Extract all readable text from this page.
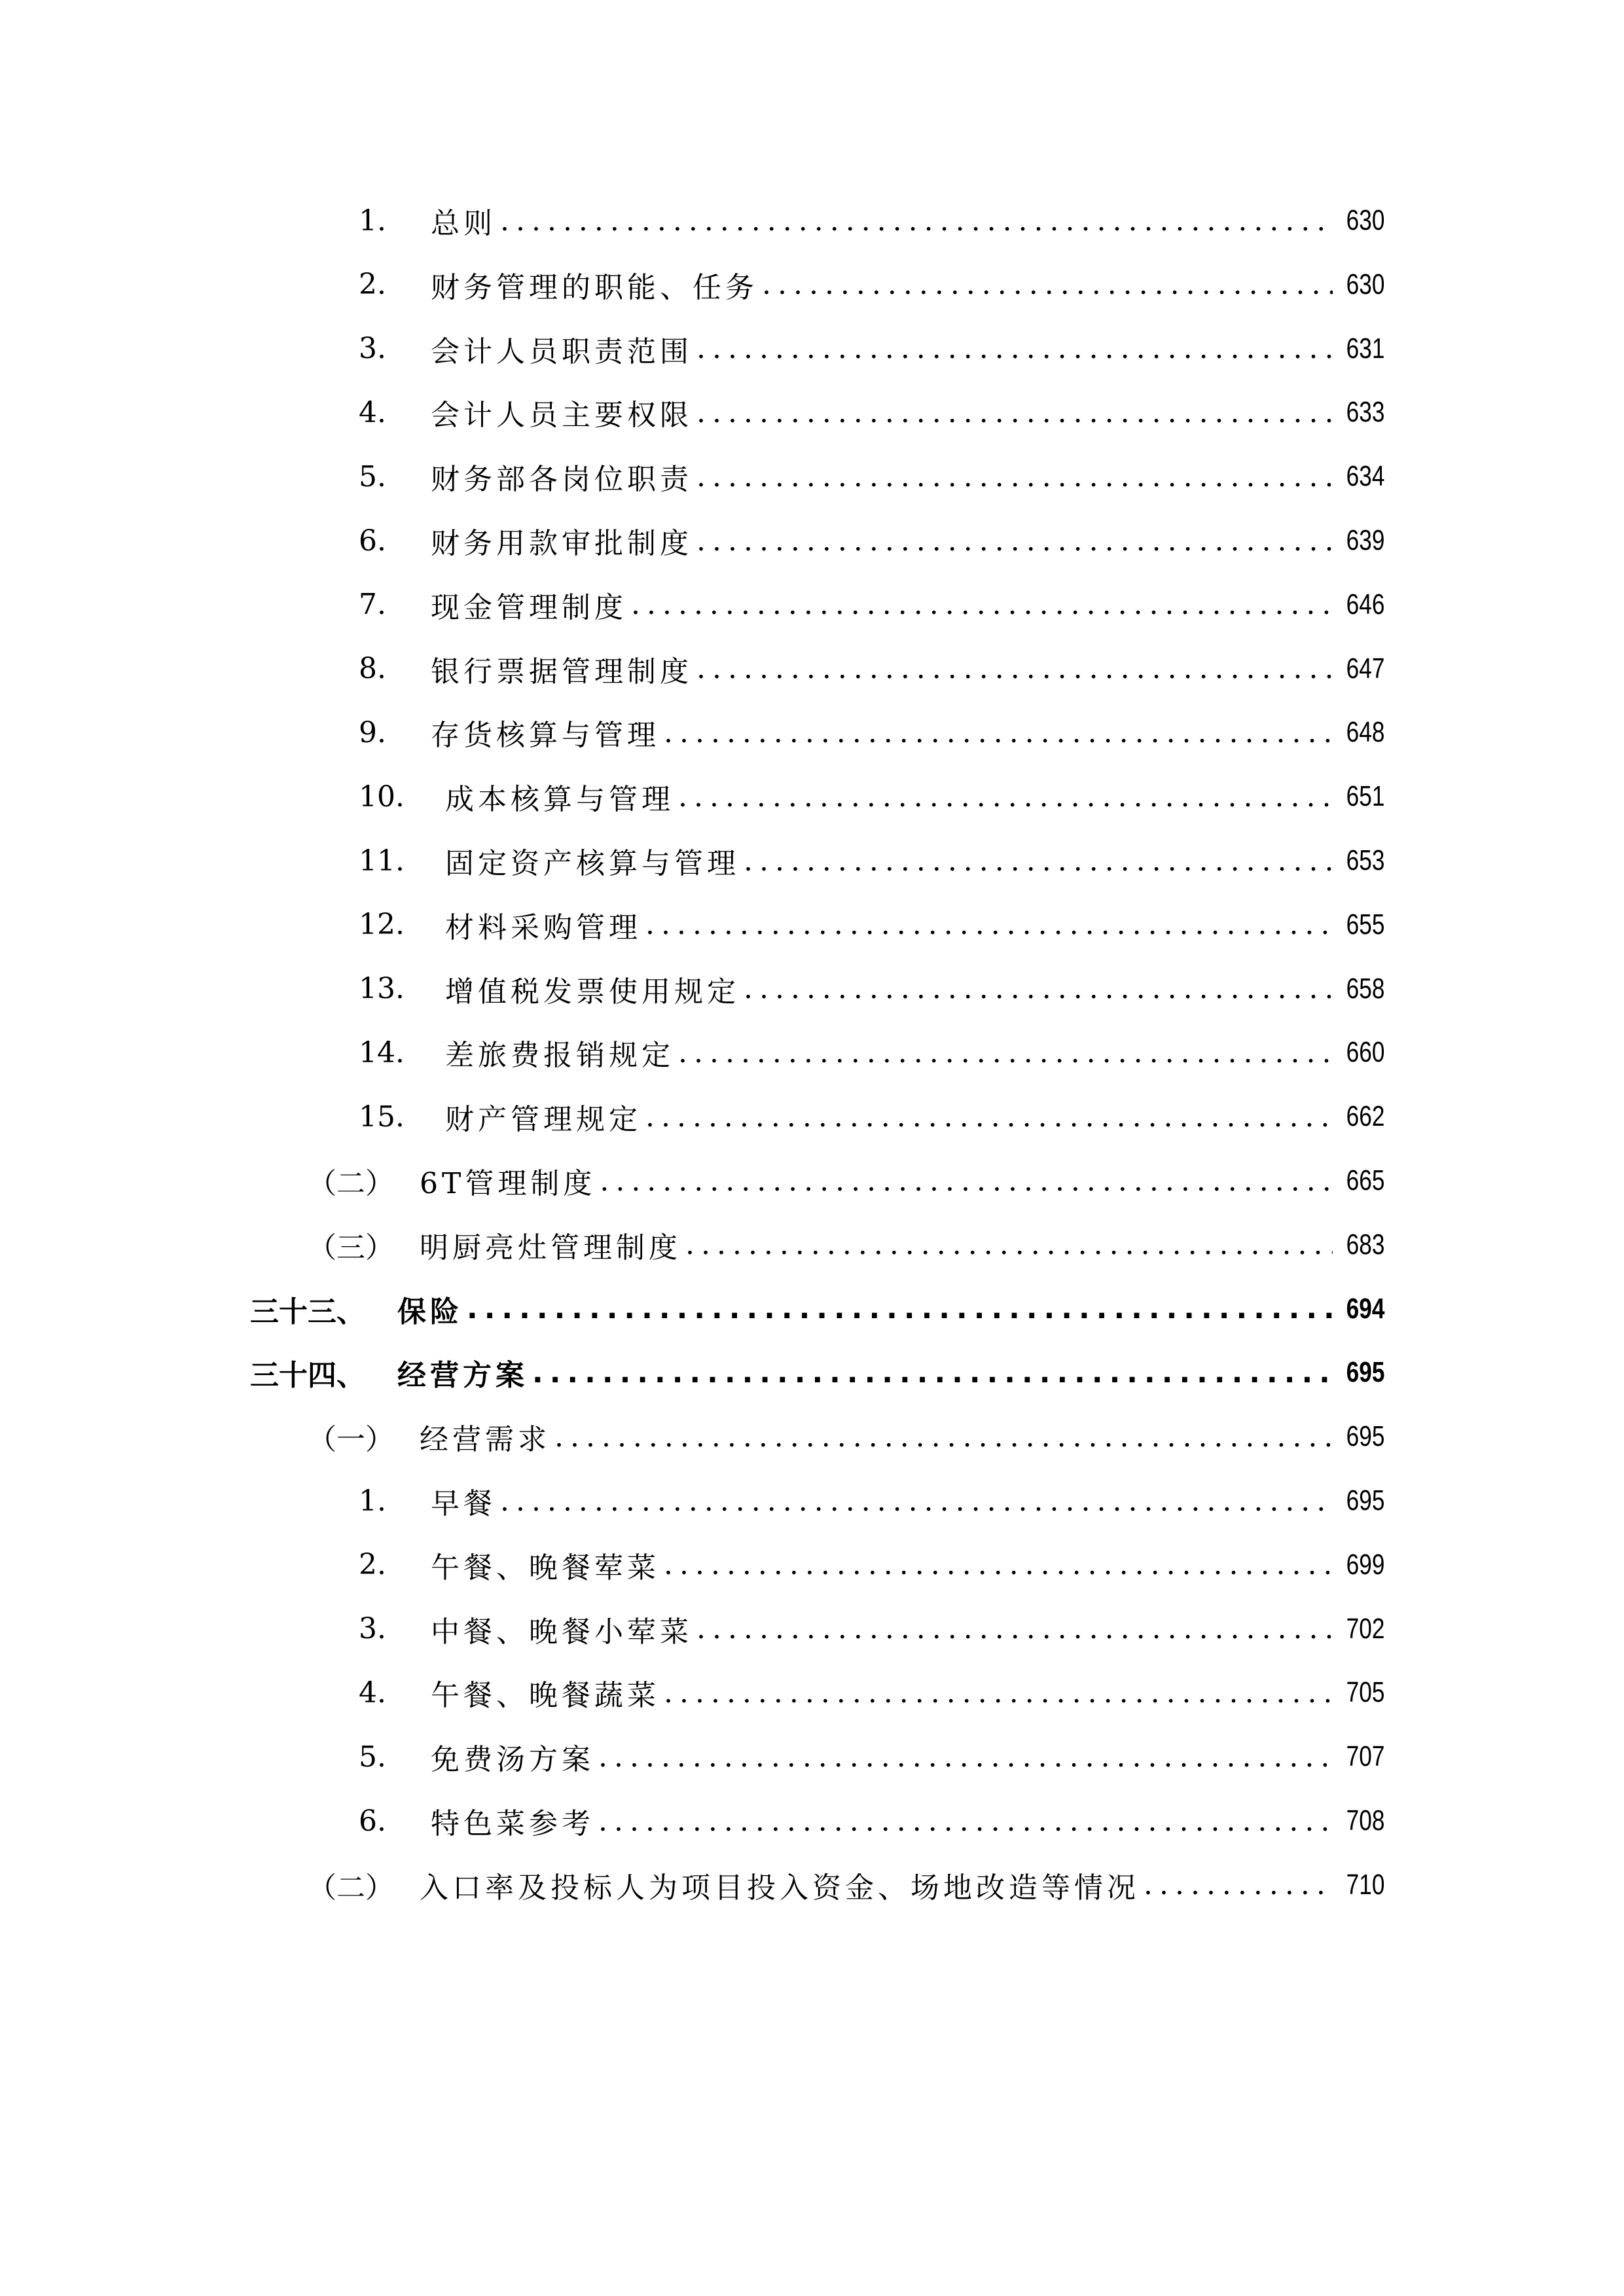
1.	总则 .....	630
2.	财务管理的职能、任务 .....	630
3.	会计人员职责范围 .....	631
4.	会计人员主要权限 .....	633
5.	财务部各岗位职责 .....	634
6.	财务用款审批制度 .....	639
7.	现金管理制度 .....	646
8.	银行票据管理制度 .....	647
9.	存货核算与管理 .....	648
10.	成本核算与管理 .....	651
11.	固定资产核算与管理 .....	653
12.	材料采购管理 .....	655
13.	增值税发票使用规定 .....	658
14.	差旅费报销规定 .....	660
15.	财产管理规定 .....	662
（二） 6T管理制度 .....	665
（三） 明厨亮灶管理制度 .....	683
三十三、	保险 .....	694
三十四、	经营方案 .....	695
（一） 经营需求 .....	695
1.	早餐 .....	695
2.	午餐、晚餐荤菜 .....	699
3.	中餐、晚餐小荤菜 .....	702
4.	午餐、晚餐蔬菜 .....	705
5.	免费汤方案 .....	707
6.	特色菜参考 .....	708
（二） 入口率及投标人为项目投入资金、场地改造等情况 .....	710
